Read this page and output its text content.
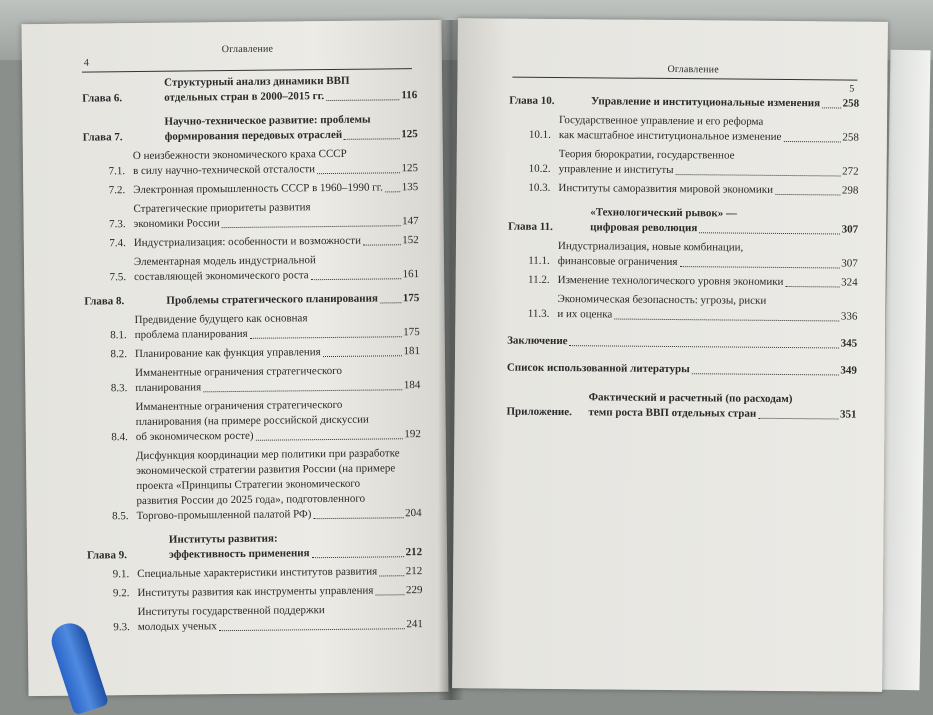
4
Оглавление
Глава 6.
Структурный анализ динамики ВВП
отдельных стран в 2000–2015 гг.	116
Глава 7.
Научно-техническое развитие: проблемы
формирования передовых отраслей	125
7.1.
О неизбежности экономического краха СССР
в силу научно-технической отсталости	125
7.2. Электронная промышленность СССР в 1960–1990 гг. 135
7.3.
Стратегические приоритеты развития
экономики России	147
7.4. Индустриализация: особенности и возможности	152
7.5.
Элементарная модель индустриальной
составляющей экономического роста	161
Глава 8.	Проблемы стратегического планирования 175
8.1.
Предвидение будущего как основная
проблема планирования	175
8.2. Планирование как функция управления	181
8.3.
Имманентные ограничения стратегического
планирования	184
8.4.
Имманентные ограничения стратегического
планирования (на примере российской дискуссии
об экономическом росте)	192
8.5.
Дисфункция координации мер политики при разработке
экономической стратегии развития России (на примере
проекта «Принципы Стратегии экономического
развития России до 2025 года», подготовленного
Торгово-промышленной палатой РФ)	204
Глава 9.
Институты развития:
эффективность применения	212
9.1. Специальные характеристики институтов развития	212
9.2. Институты развития как инструменты управления	229
9.3.
Институты государственной поддержки
молодых ученых	241
Оглавление
5
Глава 10.	Управление и институциональные изменения 258
10.1.
Государственное управление и его реформа
как масштабное институциональное изменение	258
10.2.
Теория бюрократии, государственное
управление и институты	272
10.3. Институты саморазвития мировой экономики	298
Глава 11.
«Технологический рывок» —
цифровая революция	307
11.1.
Индустриализация, новые комбинации,
финансовые ограничения	307
11.2. Изменение технологического уровня экономики	324
11.3.
Экономическая безопасность: угрозы, риски
и их оценка	336
Заключение	345
Список использованной литературы	349
Приложение.
Фактический и расчетный (по расходам)
темп роста ВВП отдельных стран	351
